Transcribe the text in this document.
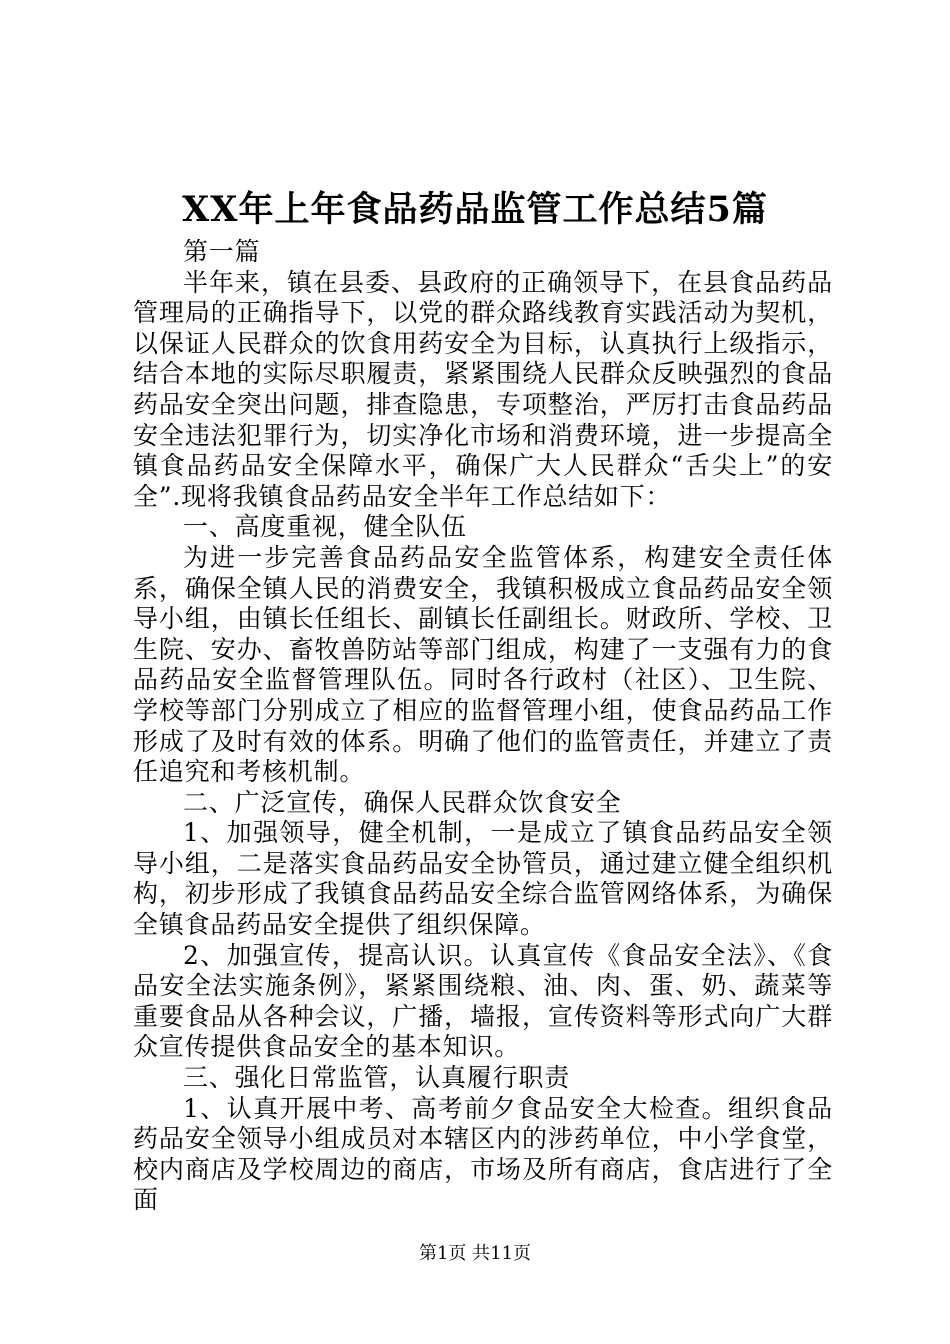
XX年上年食品药品监管工作总结5篇

第一篇

半年来，镇在县委、县政府的正确领导下，在县食品药品管理局的正确指导下，以党的群众路线教育实践活动为契机，以保证人民群众的饮食用药安全为目标，认真执行上级指示，结合本地的实际尽职履责，紧紧围绕人民群众反映强烈的食品药品安全突出问题，排查隐患，专项整治，严厉打击食品药品安全违法犯罪行为，切实净化市场和消费环境，进一步提高全镇食品药品安全保障水平，确保广大人民群众“舌尖上”的安全”.现将我镇食品药品安全半年工作总结如下：

一、高度重视，健全队伍

为进一步完善食品药品安全监管体系，构建安全责任体系，确保全镇人民的消费安全，我镇积极成立食品药品安全领导小组，由镇长任组长、副镇长任副组长。财政所、学校、卫生院、安办、畜牧兽防站等部门组成，构建了一支强有力的食品药品安全监督管理队伍。同时各行政村（社区）、卫生院、学校等部门分别成立了相应的监督管理小组，使食品药品工作形成了及时有效的体系。明确了他们的监管责任，并建立了责任追究和考核机制。

二、广泛宣传，确保人民群众饮食安全

1、加强领导，健全机制，一是成立了镇食品药品安全领导小组，二是落实食品药品安全协管员，通过建立健全组织机构，初步形成了我镇食品药品安全综合监管网络体系，为确保全镇食品药品安全提供了组织保障。

2、加强宣传，提高认识。认真宣传《食品安全法》、《食品安全法实施条例》，紧紧围绕粮、油、肉、蛋、奶、蔬菜等重要食品从各种会议，广播，墙报，宣传资料等形式向广大群众宣传提供食品安全的基本知识。

三、强化日常监管，认真履行职责

1、认真开展中考、高考前夕食品安全大检查。组织食品药品安全领导小组成员对本辖区内的涉药单位，中小学食堂，校内商店及学校周边的商店，市场及所有商店，食店进行了全面

第1页 共11页
